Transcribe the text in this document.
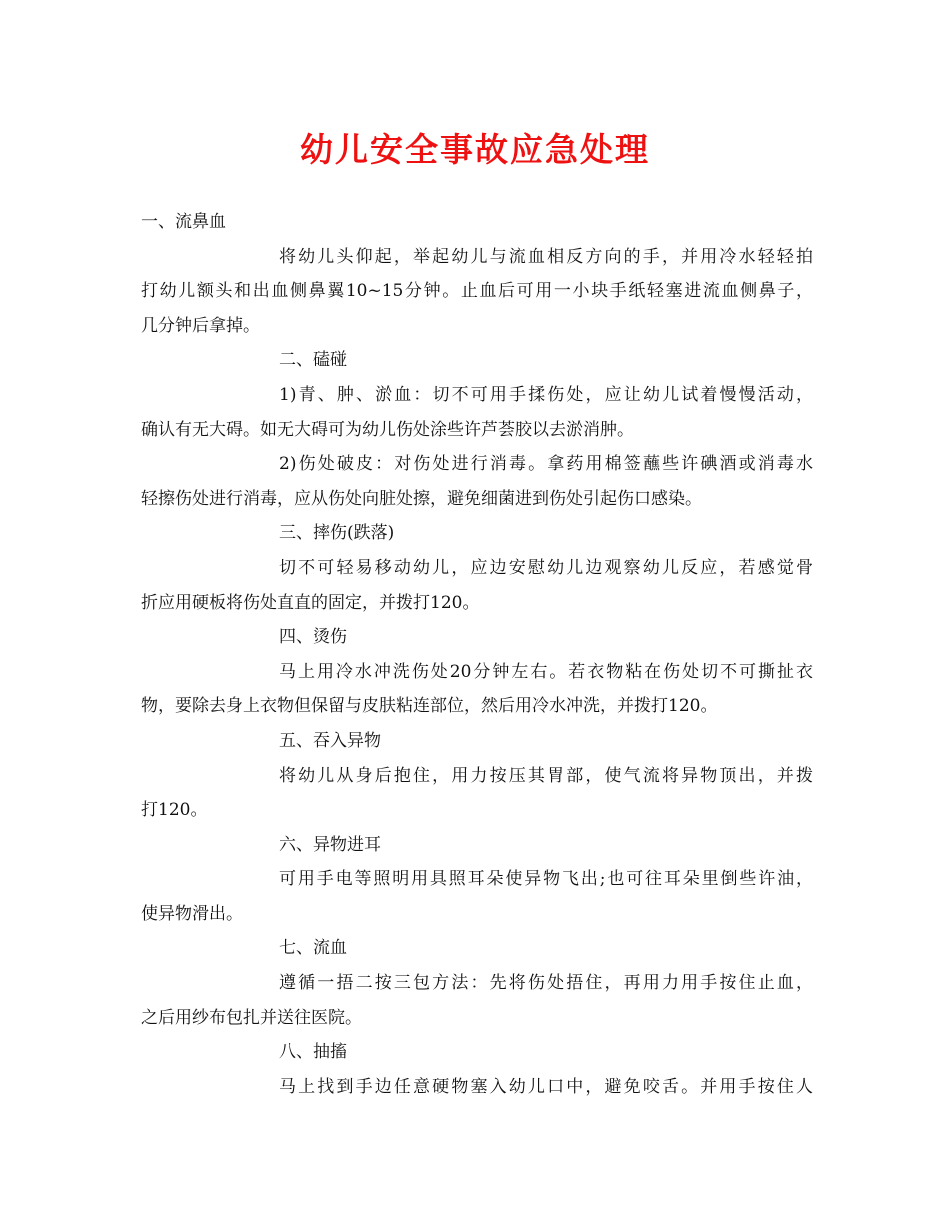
幼儿安全事故应急处理

一、流鼻血

将幼儿头仰起，举起幼儿与流血相反方向的手，并用冷水轻轻拍

打幼儿额头和出血侧鼻翼10~15分钟。止血后可用一小块手纸轻塞进流血侧鼻子，

几分钟后拿掉。

二、磕碰

1)青、肿、淤血：切不可用手揉伤处，应让幼儿试着慢慢活动，

确认有无大碍。如无大碍可为幼儿伤处涂些许芦荟胶以去淤消肿。

2)伤处破皮：对伤处进行消毒。拿药用棉签蘸些许碘酒或消毒水

轻擦伤处进行消毒，应从伤处向脏处擦，避免细菌进到伤处引起伤口感染。

三、摔伤(跌落)

切不可轻易移动幼儿，应边安慰幼儿边观察幼儿反应，若感觉骨

折应用硬板将伤处直直的固定，并拨打120。

四、烫伤

马上用冷水冲洗伤处20分钟左右。若衣物粘在伤处切不可撕扯衣

物，要除去身上衣物但保留与皮肤粘连部位，然后用冷水冲洗，并拨打120。

五、吞入异物

将幼儿从身后抱住，用力按压其胃部，使气流将异物顶出，并拨

打120。

六、异物进耳

可用手电等照明用具照耳朵使异物飞出;也可往耳朵里倒些许油，

使异物滑出。

七、流血

遵循一捂二按三包方法：先将伤处捂住，再用力用手按住止血，

之后用纱布包扎并送往医院。

八、抽搐

马上找到手边任意硬物塞入幼儿口中，避免咬舌。并用手按住人
